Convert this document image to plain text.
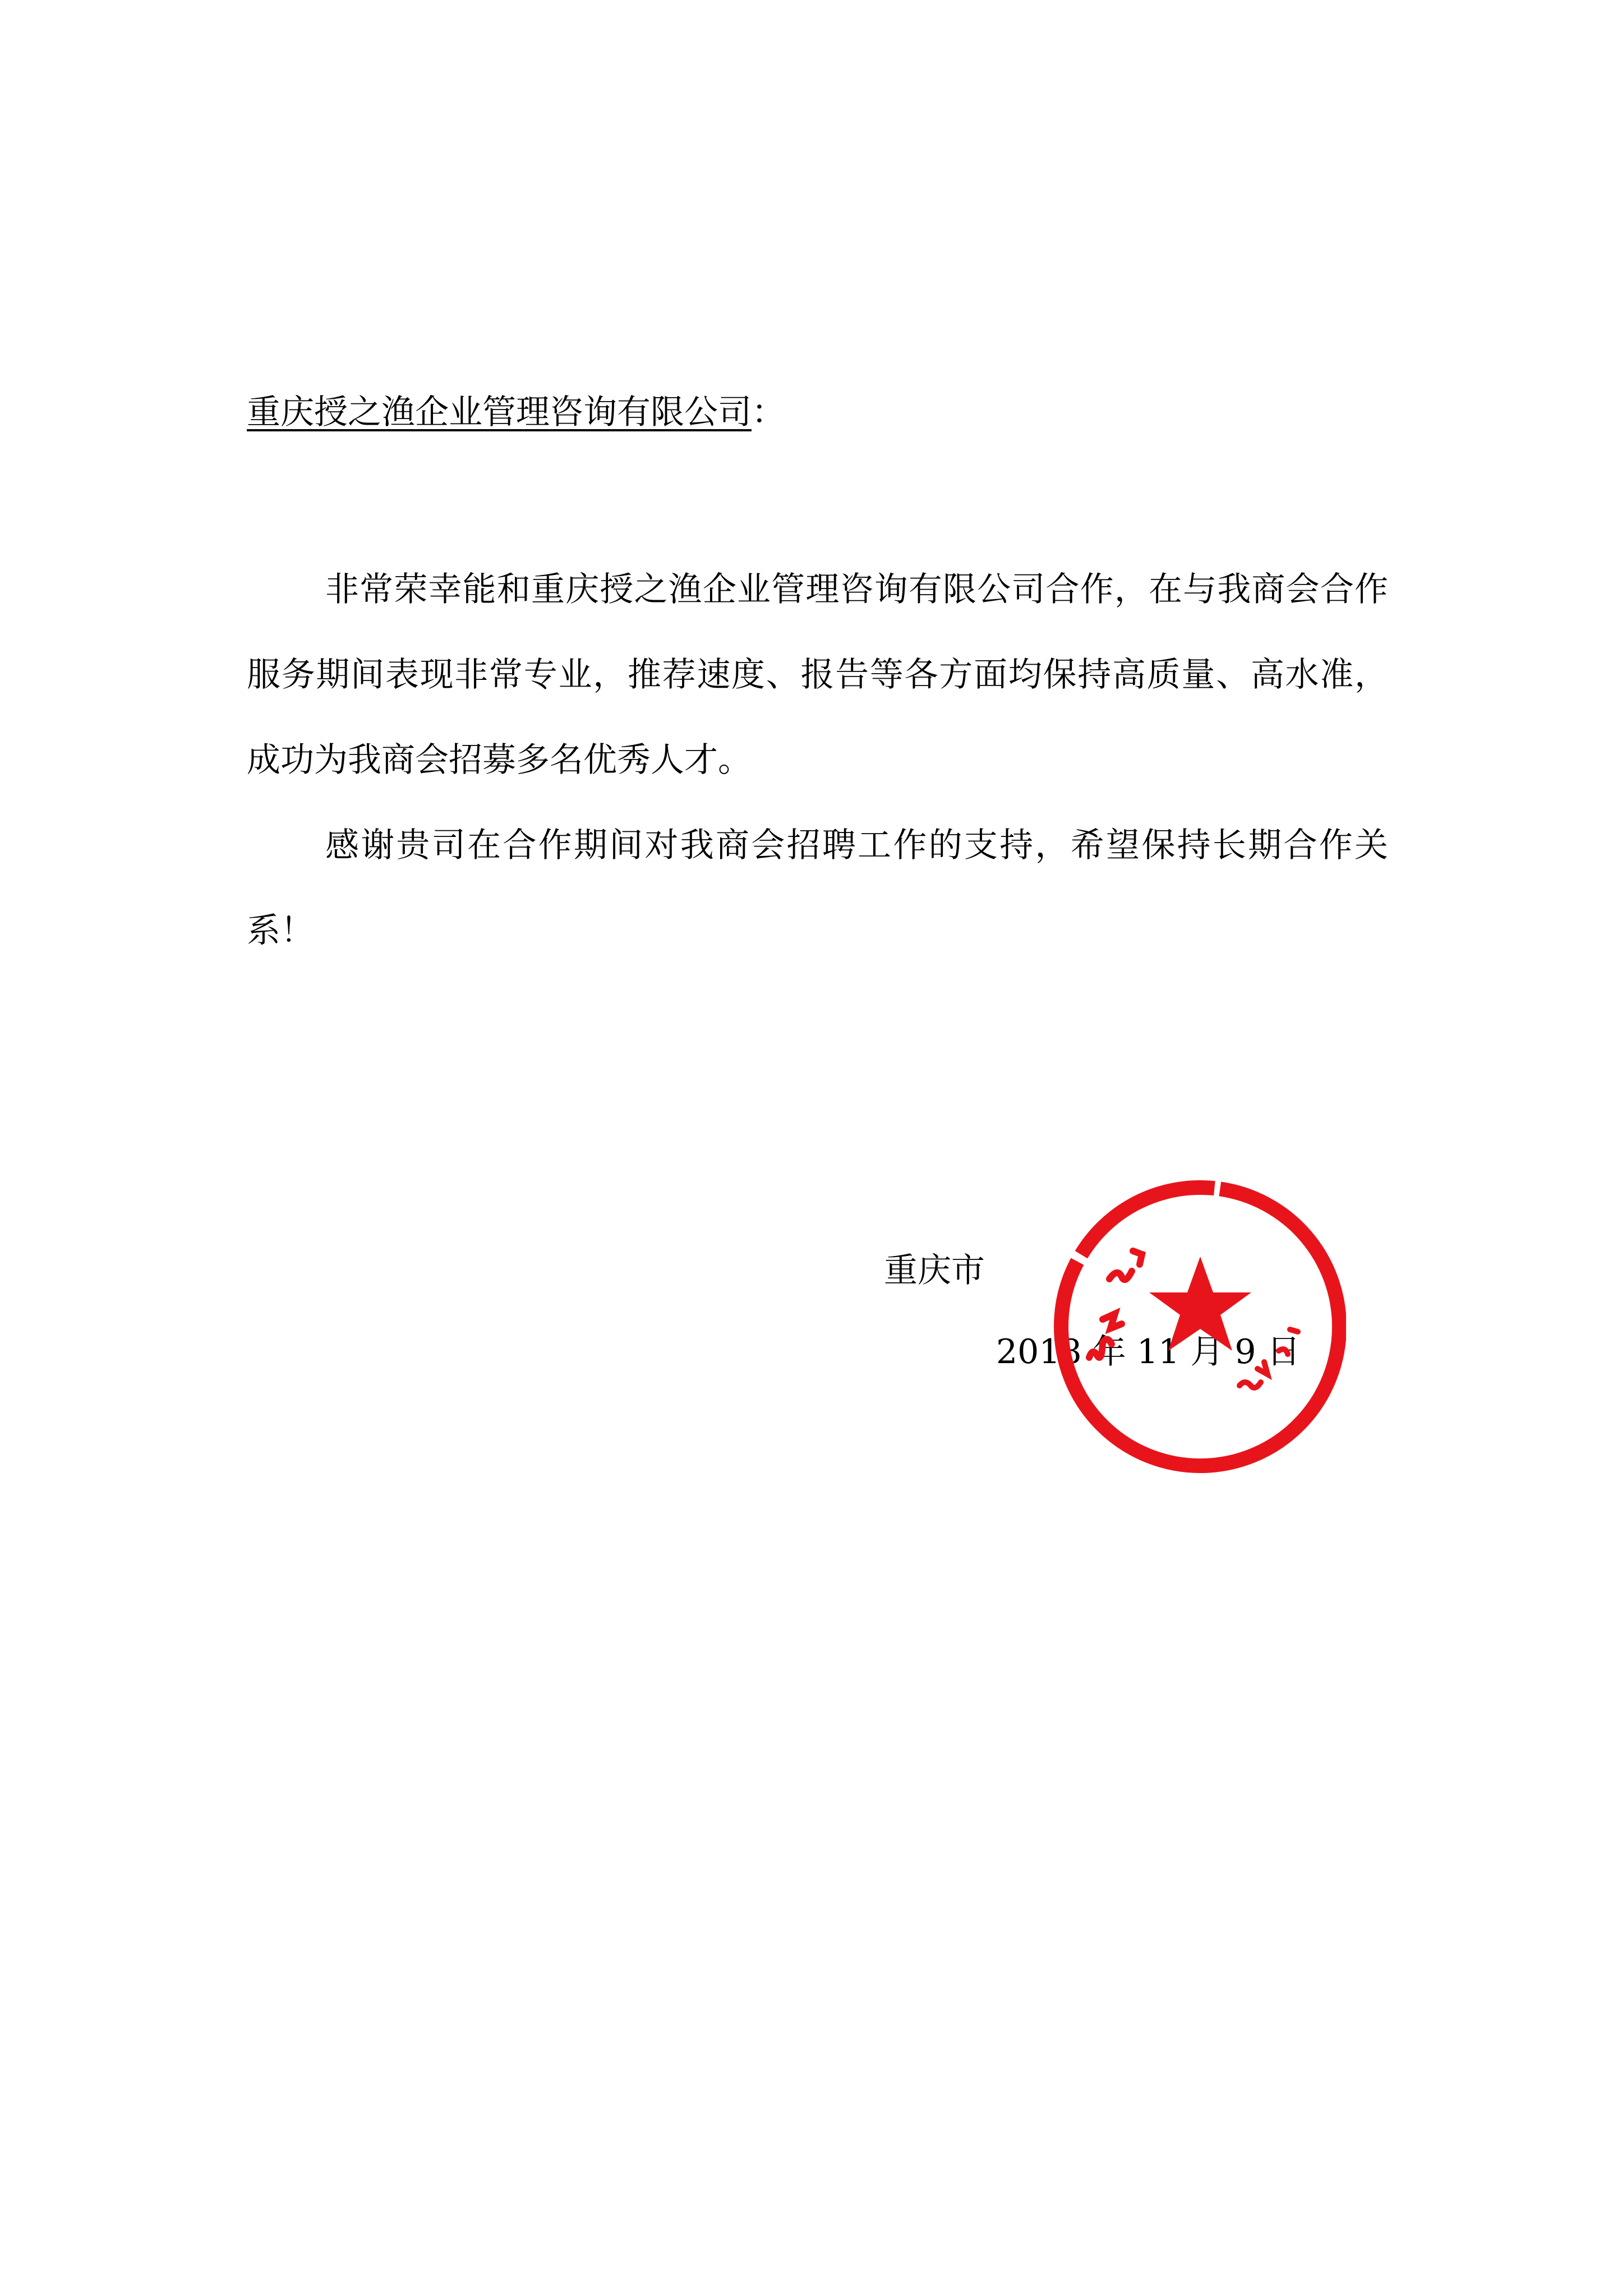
重庆授之渔企业管理咨询有限公司：

非常荣幸能和重庆授之渔企业管理咨询有限公司合作，在与我商会合作服务期间表现非常专业，推荐速度、报告等各方面均保持高质量、高水准，成功为我商会招募多名优秀人才。

感谢贵司在合作期间对我商会招聘工作的支持，希望保持长期合作关系！

重庆市
2018 年 11 月 9 日
